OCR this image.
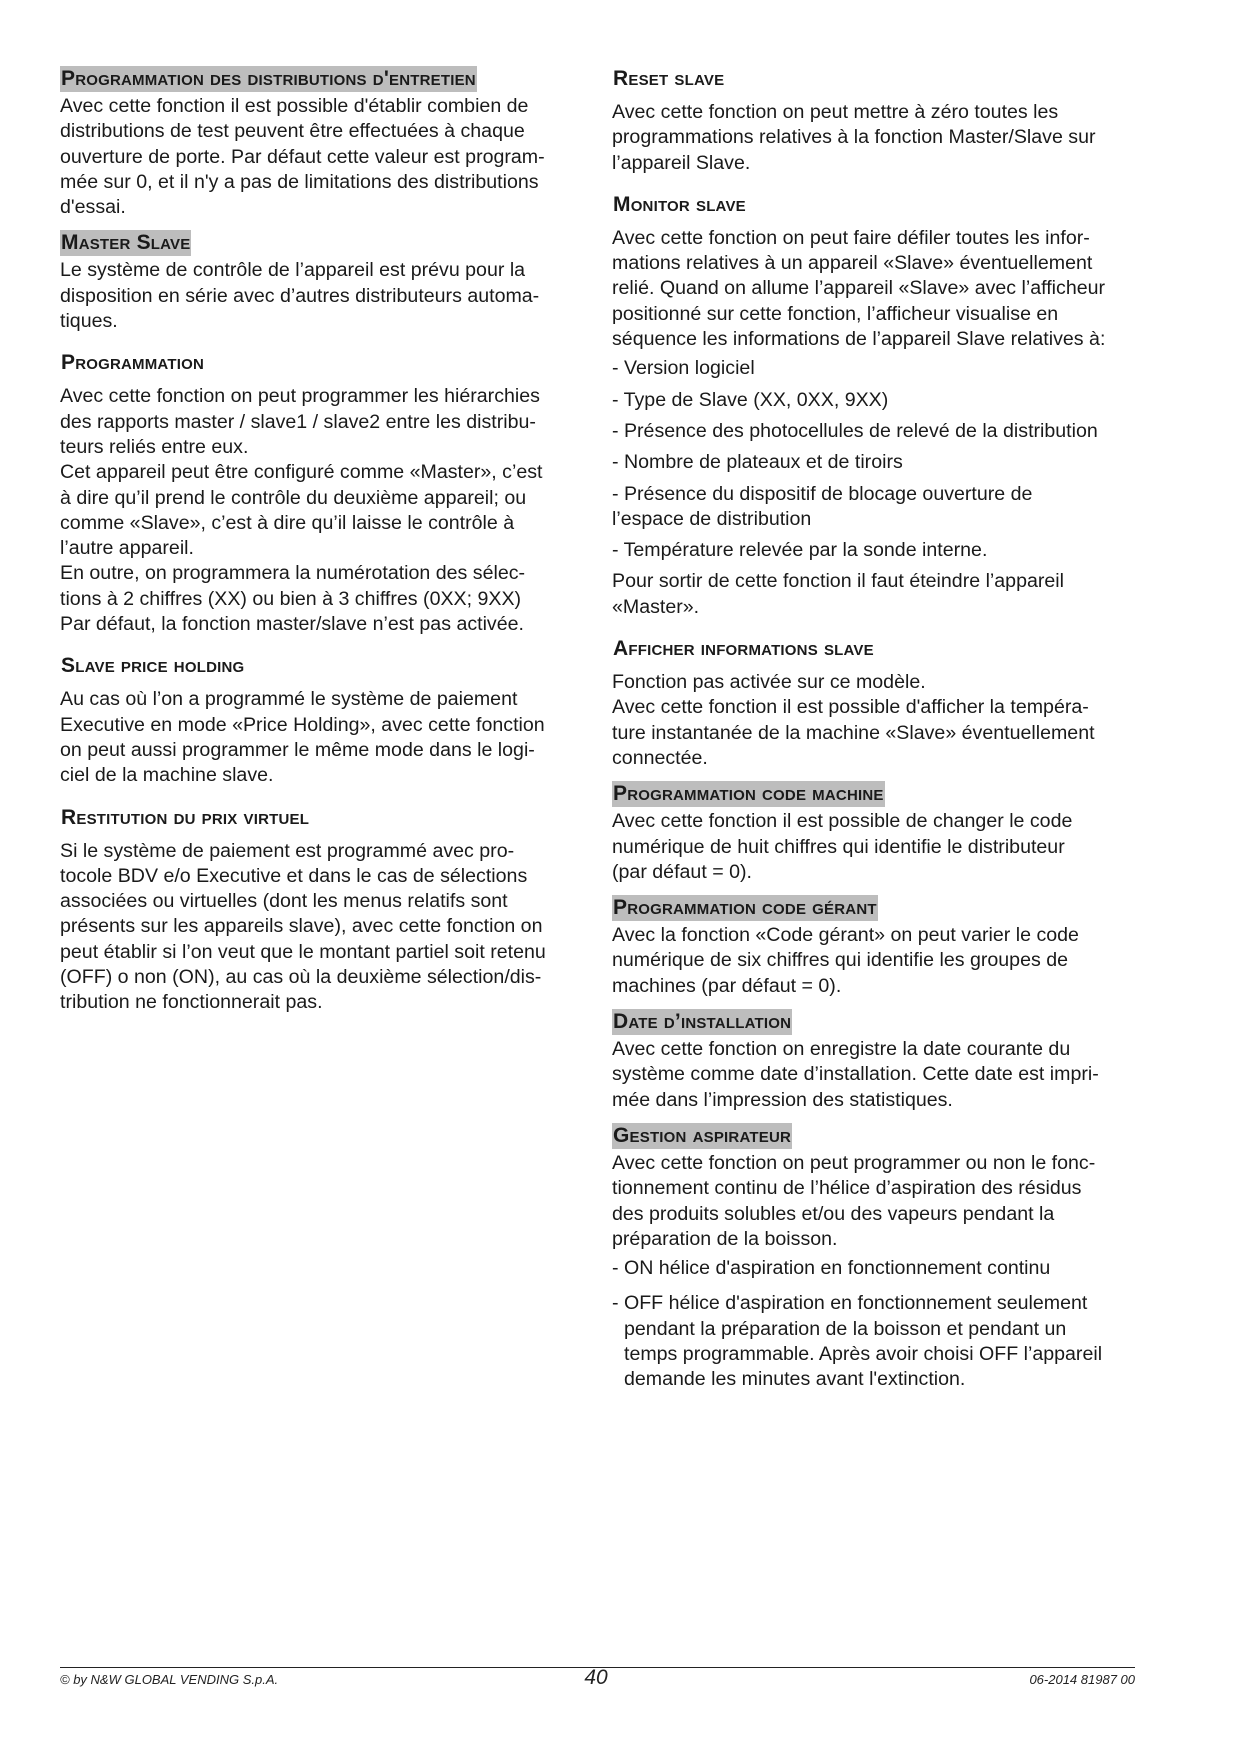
Programmation des distributions d'entretien

Avec cette fonction il est possible d'établir combien de
distributions de test peuvent être effectuées à chaque
ouverture de porte. Par défaut cette valeur est program-
mée sur 0, et il n'y a pas de limitations des distributions
d'essai.

Master Slave

Le système de contrôle de l’appareil est prévu pour la
disposition en série avec d’autres distributeurs automa-
tiques.

Programmation

Avec cette fonction on peut programmer les hiérarchies
des rapports master / slave1 / slave2 entre les distribu-
teurs reliés entre eux.
Cet appareil peut être configuré comme «Master», c’est
à dire qu’il prend le contrôle du deuxième appareil; ou
comme «Slave», c’est à dire qu’il laisse le contrôle à
l’autre appareil.
En outre, on programmera la numérotation des sélec-
tions à 2 chiffres (XX) ou bien à 3 chiffres (0XX; 9XX)
Par défaut, la fonction master/slave n’est pas activée.

Slave price holding

Au cas où l’on a programmé le système de paiement
Executive en mode «Price Holding», avec cette fonction
on peut aussi programmer le même mode dans le logi-
ciel de la machine slave.

Restitution du prix virtuel

Si le système de paiement est programmé avec pro-
tocole BDV e/o Executive et dans le cas de sélections
associées ou virtuelles (dont les menus relatifs sont
présents sur les appareils slave), avec cette fonction on
peut établir si l’on veut que le montant partiel soit retenu
(OFF) o non (ON), au cas où la deuxième sélection/dis-
tribution ne fonctionnerait pas.

Reset slave

Avec cette fonction on peut mettre à zéro toutes les
programmations relatives à la fonction Master/Slave sur
l’appareil Slave.

Monitor slave

Avec cette fonction on peut faire défiler toutes les infor-
mations relatives à un appareil «Slave» éventuellement
relié. Quand on allume l’appareil «Slave» avec l’afficheur
positionné sur cette fonction, l’afficheur visualise en
séquence les informations de l’appareil Slave relatives à:

- Version logiciel
- Type de Slave (XX, 0XX, 9XX)
- Présence des photocellules de relevé de la distribution
- Nombre de plateaux et de tiroirs
- Présence du dispositif de blocage ouverture de
l’espace de distribution
- Température relevée par la sonde interne.

Pour sortir de cette fonction il faut éteindre l’appareil
«Master».

Afficher informations slave

Fonction pas activée sur ce modèle.
Avec cette fonction il est possible d'afficher la tempéra-
ture instantanée de la machine «Slave» éventuellement
connectée.

Programmation code machine

Avec cette fonction il est possible de changer le code
numérique de huit chiffres qui identifie le distributeur
(par défaut = 0).

Programmation code gérant

Avec la fonction «Code gérant» on peut varier le code
numérique de six chiffres qui identifie les groupes de
machines (par défaut = 0).

Date d’installation

Avec cette fonction on enregistre la date courante du
système comme date d’installation. Cette date est impri-
mée dans l’impression des statistiques.

Gestion aspirateur

Avec cette fonction on peut programmer ou non le fonc-
tionnement continu de l’hélice d’aspiration des résidus
des produits solubles et/ou des vapeurs pendant la
préparation de la boisson.

- ON hélice d'aspiration en fonctionnement continu
- OFF hélice d'aspiration en fonctionnement seulement
pendant la préparation de la boisson et pendant un
temps programmable. Après avoir choisi OFF l’appareil
demande les minutes avant l'extinction.
© by N&W GLOBAL VENDING S.p.A.	40	06-2014 81987 00
